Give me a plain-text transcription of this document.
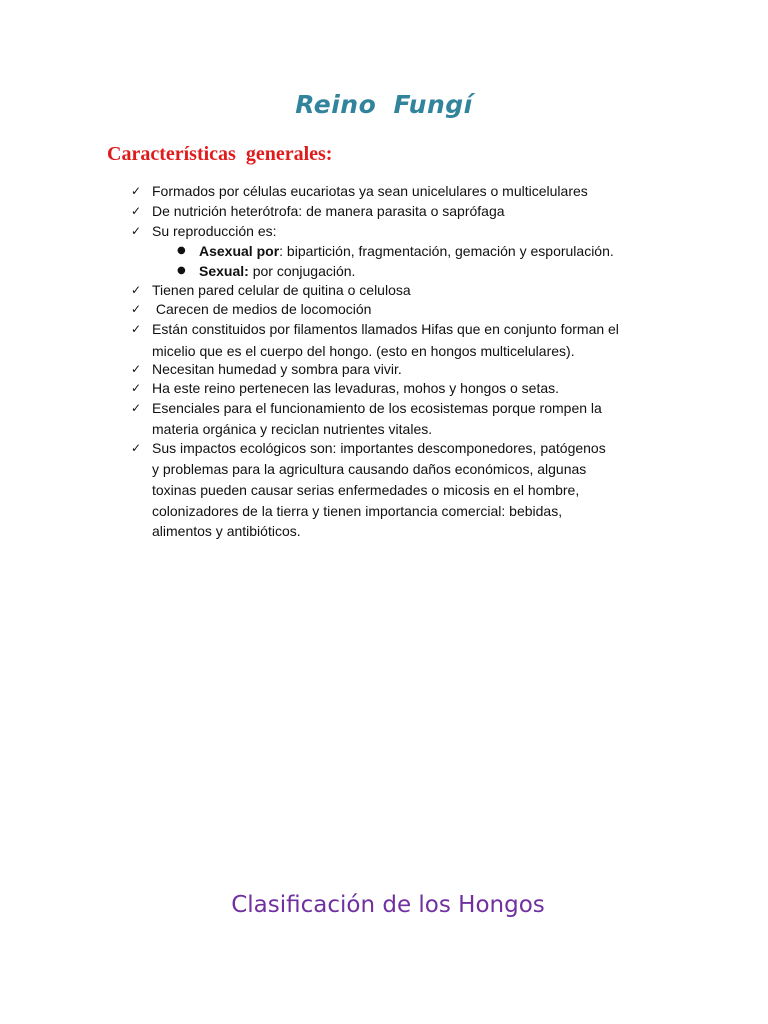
Reino Fungí
Características generales:
✓ Formados por células eucariotas ya sean unicelulares o multicelulares
✓ De nutrición heterótrofa: de manera parasita o saprófaga
✓ Su reproducción es:
● Asexual por: bipartición, fragmentación, gemación y esporulación.
● Sexual: por conjugación.
✓ Tienen pared celular de quitina o celulosa
✓ Carecen de medios de locomoción
✓ Están constituidos por filamentos llamados Hifas que en conjunto forman el
micelio que es el cuerpo del hongo. (esto en hongos multicelulares).
✓ Necesitan humedad y sombra para vivir.
✓ Ha este reino pertenecen las levaduras, mohos y hongos o setas.
✓ Esenciales para el funcionamiento de los ecosistemas porque rompen la
materia orgánica y reciclan nutrientes vitales.
✓ Sus impactos ecológicos son: importantes descomponedores, patógenos
y problemas para la agricultura causando daños económicos, algunas
toxinas pueden causar serias enfermedades o micosis en el hombre,
colonizadores de la tierra y tienen importancia comercial: bebidas,
alimentos y antibióticos.
Clasificación de los Hongos
